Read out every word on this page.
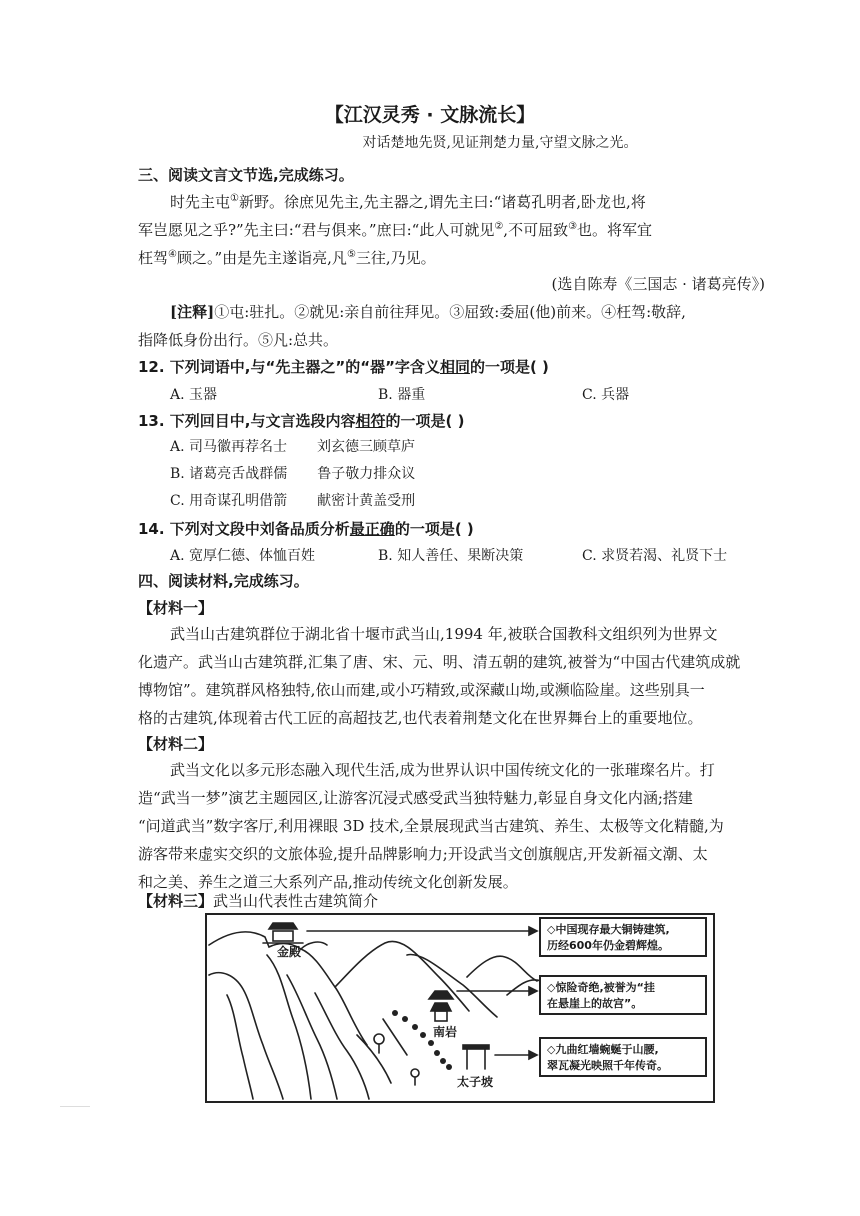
【江汉灵秀 · 文脉流长】
对话楚地先贤,见证荆楚力量,守望文脉之光。
三、阅读文言文节选,完成练习。
时先主屯①新野。徐庶见先主,先主器之,谓先主曰:“诸葛孔明者,卧龙也,将
军岂愿见之乎?”先主曰:“君与俱来。”庶曰:“此人可就见②,不可屈致③也。将军宜
枉驾④顾之。”由是先主遂诣亮,凡⑤三往,乃见。
(选自陈寿《三国志 · 诸葛亮传》)
[注释]①屯:驻扎。②就见:亲自前往拜见。③屈致:委屈(他)前来。④枉驾:敬辞,
指降低身份出行。⑤凡:总共。
12. 下列词语中,与“先主器之”的“器”字含义相同的一项是( )
A. 玉器	B. 器重	C. 兵器
13. 下列回目中,与文言选段内容相符的一项是( )
A. 司马徽再荐名士 刘玄德三顾草庐
B. 诸葛亮舌战群儒 鲁子敬力排众议
C. 用奇谋孔明借箭 献密计黄盖受刑
14. 下列对文段中刘备品质分析最正确的一项是( )
A. 宽厚仁德、体恤百姓	B. 知人善任、果断决策	C. 求贤若渴、礼贤下士
四、阅读材料,完成练习。
【材料一】
武当山古建筑群位于湖北省十堰市武当山,1994 年,被联合国教科文组织列为世界文
化遗产。武当山古建筑群,汇集了唐、宋、元、明、清五朝的建筑,被誉为“中国古代建筑成就
博物馆”。建筑群风格独特,依山而建,或小巧精致,或深藏山坳,或濒临险崖。这些别具一
格的古建筑,体现着古代工匠的高超技艺,也代表着荆楚文化在世界舞台上的重要地位。
【材料二】
武当文化以多元形态融入现代生活,成为世界认识中国传统文化的一张璀璨名片。打
造“武当一梦”演艺主题园区,让游客沉浸式感受武当独特魅力,彰显自身文化内涵;搭建
“问道武当”数字客厅,利用裸眼 3D 技术,全景展现武当古建筑、养生、太极等文化精髓,为
游客带来虚实交织的文旅体验,提升品牌影响力;开设武当文创旗舰店,开发新福文潮、太
和之美、养生之道三大系列产品,推动传统文化创新发展。
【材料三】武当山代表性古建筑简介
金殿
南岩
太子坡
◇中国现存最大铜铸建筑,
历经600年仍金碧辉煌。
◇惊险奇绝,被誉为“挂
在悬崖上的故宫”。
◇九曲红墙蜿蜒于山腰,
翠瓦凝光映照千年传奇。
